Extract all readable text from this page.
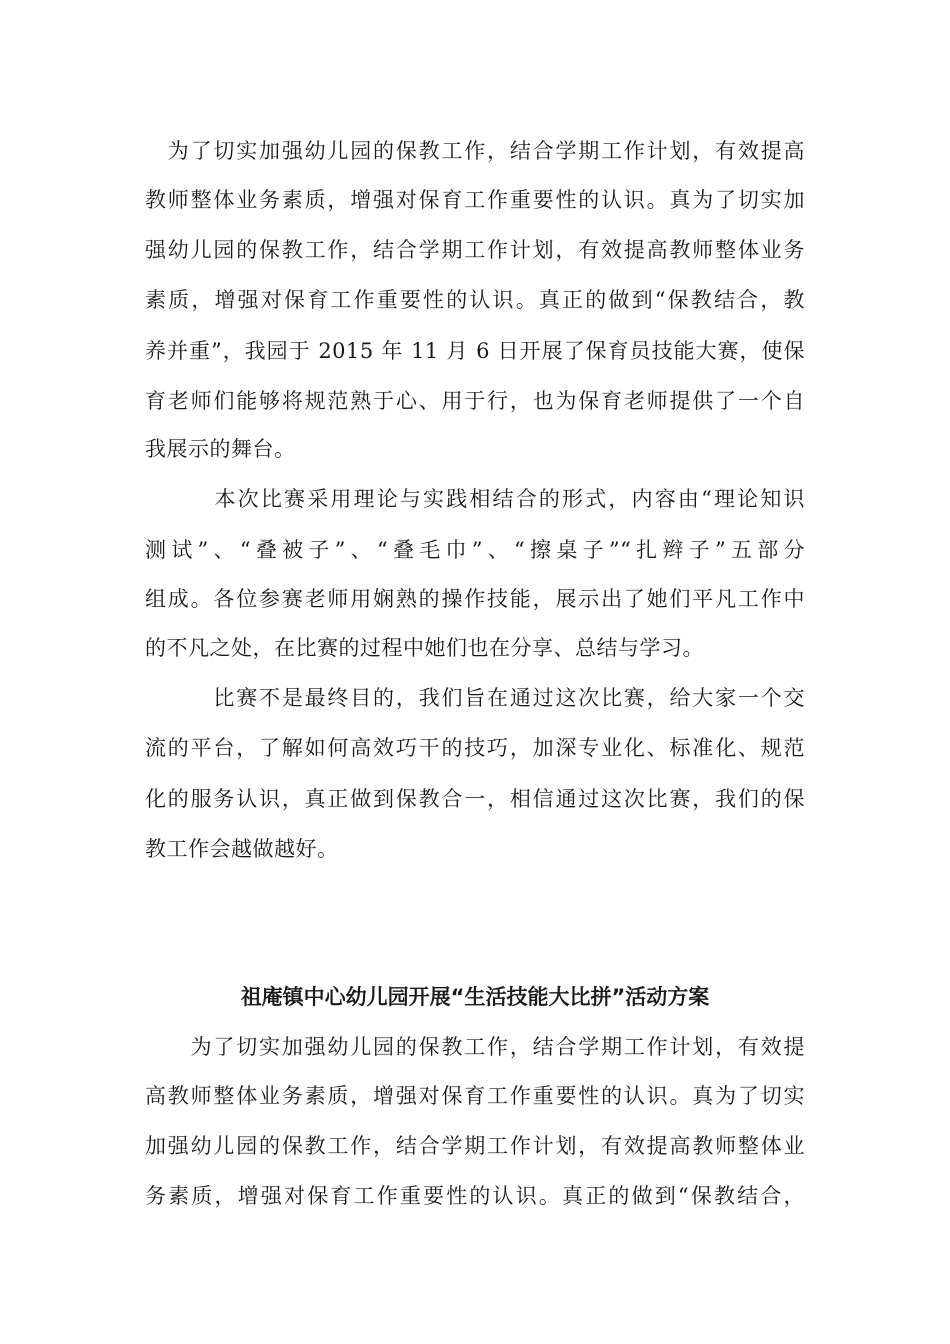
　为了切实加强幼儿园的保教工作，结合学期工作计划，有效提高
教师整体业务素质，增强对保育工作重要性的认识。真为了切实加
强幼儿园的保教工作，结合学期工作计划，有效提高教师整体业务
素质，增强对保育工作重要性的认识。真正的做到“保教结合，教
养并重”，我园于 2015 年 11 月 6 日开展了保育员技能大赛，使保
育老师们能够将规范熟于心、用于行，也为保育老师提供了一个自
我展示的舞台。
　　　本次比赛采用理论与实践相结合的形式，内容由“理论知识
测试”、“叠被子”、“叠毛巾”、“擦桌子”“扎辫子”五部分
组成。各位参赛老师用娴熟的操作技能，展示出了她们平凡工作中
的不凡之处，在比赛的过程中她们也在分享、总结与学习。
　　　比赛不是最终目的，我们旨在通过这次比赛，给大家一个交
流的平台，了解如何高效巧干的技巧，加深专业化、标准化、规范
化的服务认识，真正做到保教合一，相信通过这次比赛，我们的保
教工作会越做越好。
祖庵镇中心幼儿园开展“生活技能大比拼”活动方案
　　为了切实加强幼儿园的保教工作，结合学期工作计划，有效提
高教师整体业务素质，增强对保育工作重要性的认识。真为了切实
加强幼儿园的保教工作，结合学期工作计划，有效提高教师整体业
务素质，增强对保育工作重要性的认识。真正的做到“保教结合，
